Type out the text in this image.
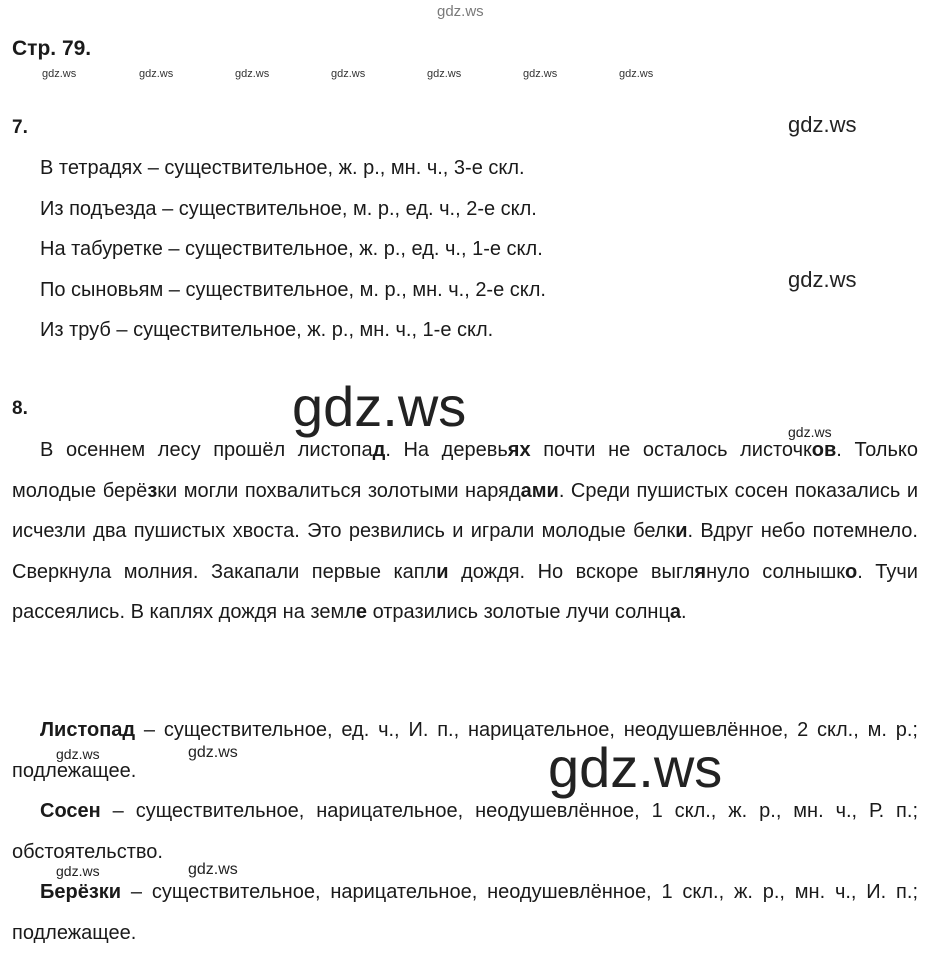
gdz.ws
Стр. 79.
gdz.ws	gdz.ws	gdz.ws	gdz.ws	gdz.ws	gdz.ws	gdz.ws
7.	gdz.ws
В тетрадях – существительное, ж. р., мн. ч., 3-е скл.
Из подъезда – существительное, м. р., ед. ч., 2-е скл.
На табуретке – существительное, ж. р., ед. ч., 1-е скл.
По сыновьям – существительное, м. р., мн. ч., 2-е скл.	gdz.ws
Из труб – существительное, ж. р., мн. ч., 1-е скл.
8.	gdz.ws	gdz.ws
В осеннем лесу прошёл листопад. На деревьях почти не осталось листочков. Только молодые берёзки могли похвалиться золотыми нарядами. Среди пушистых сосен показались и исчезли два пушистых хвоста. Это резвились и играли молодые белки. Вдруг небо потемнело. Сверкнула молния. Закапали первые капли дождя. Но вскоре выглянуло солнышко. Тучи рассеялись. В каплях дождя на земле отразились золотые лучи солнца.
Листопад – существительное, ед. ч., И. п., нарицательное, неодушевлённое, 2 скл., м. р.; подлежащее.
Сосен – существительное, нарицательное, неодушевлённое, 1 скл., ж. р., мн. ч., Р. п.; обстоятельство.
Берёзки – существительное, нарицательное, неодушевлённое, 1 скл., ж. р., мн. ч., И. п.; подлежащее.
gdz.ws	gdz.ws	gdz.ws
gdz.ws	gdz.ws
